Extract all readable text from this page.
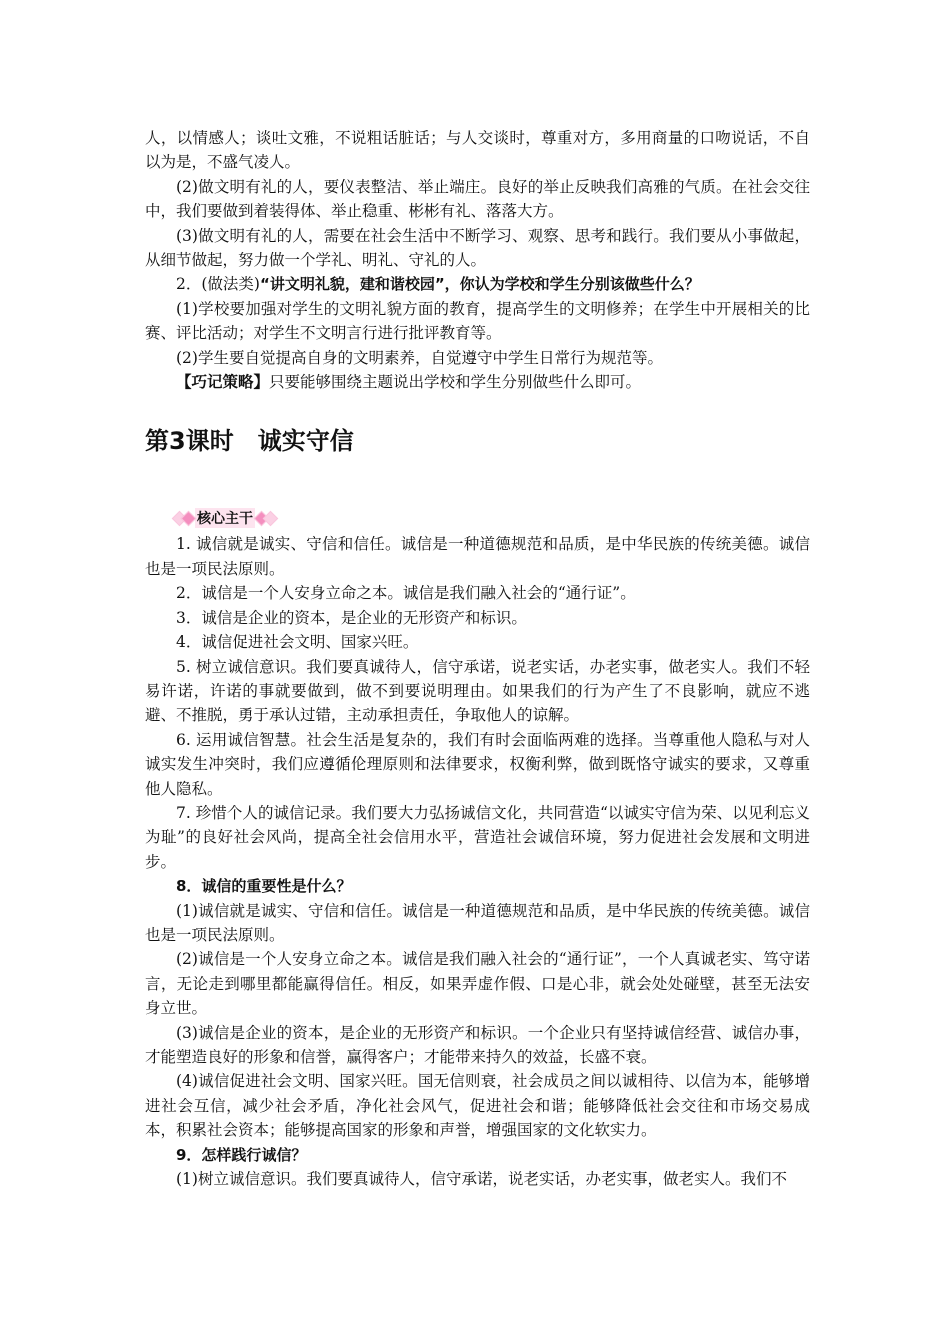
人，以情感人；谈吐文雅，不说粗话脏话；与人交谈时，尊重对方，多用商量的口吻说话，不自以为是，不盛气凌人。

(2)做文明有礼的人，要仪表整洁、举止端庄。良好的举止反映我们高雅的气质。在社会交往中，我们要做到着装得体、举止稳重、彬彬有礼、落落大方。

(3)做文明有礼的人，需要在社会生活中不断学习、观察、思考和践行。我们要从小事做起，从细节做起，努力做一个学礼、明礼、守礼的人。

2．(做法类)“讲文明礼貌，建和谐校园”，你认为学校和学生分别该做些什么？

(1)学校要加强对学生的文明礼貌方面的教育，提高学生的文明修养；在学生中开展相关的比赛、评比活动；对学生不文明言行进行批评教育等。

(2)学生要自觉提高自身的文明素养，自觉遵守中学生日常行为规范等。

【巧记策略】只要能够围绕主题说出学校和学生分别做些什么即可。

第3课时 诚实守信
核心主干

1. 诚信就是诚实、守信和信任。诚信是一种道德规范和品质，是中华民族的传统美德。诚信也是一项民法原则。

2．诚信是一个人安身立命之本。诚信是我们融入社会的“通行证”。

3．诚信是企业的资本，是企业的无形资产和标识。

4．诚信促进社会文明、国家兴旺。

5. 树立诚信意识。我们要真诚待人，信守承诺，说老实话，办老实事，做老实人。我们不轻易许诺，许诺的事就要做到，做不到要说明理由。如果我们的行为产生了不良影响，就应不逃避、不推脱，勇于承认过错，主动承担责任，争取他人的谅解。

6. 运用诚信智慧。社会生活是复杂的，我们有时会面临两难的选择。当尊重他人隐私与对人诚实发生冲突时，我们应遵循伦理原则和法律要求，权衡利弊，做到既恪守诚实的要求，又尊重他人隐私。

7. 珍惜个人的诚信记录。我们要大力弘扬诚信文化，共同营造“以诚实守信为荣、以见利忘义为耻”的良好社会风尚，提高全社会信用水平，营造社会诚信环境，努力促进社会发展和文明进步。

8．诚信的重要性是什么？

(1)诚信就是诚实、守信和信任。诚信是一种道德规范和品质，是中华民族的传统美德。诚信也是一项民法原则。

(2)诚信是一个人安身立命之本。诚信是我们融入社会的“通行证”，一个人真诚老实、笃守诺言，无论走到哪里都能赢得信任。相反，如果弄虚作假、口是心非，就会处处碰壁，甚至无法安身立世。

(3)诚信是企业的资本，是企业的无形资产和标识。一个企业只有坚持诚信经营、诚信办事，才能塑造良好的形象和信誉，赢得客户；才能带来持久的效益，长盛不衰。

(4)诚信促进社会文明、国家兴旺。国无信则衰，社会成员之间以诚相待、以信为本，能够增进社会互信，减少社会矛盾，净化社会风气，促进社会和谐；能够降低社会交往和市场交易成本，积累社会资本；能够提高国家的形象和声誉，增强国家的文化软实力。

9．怎样践行诚信？

(1)树立诚信意识。我们要真诚待人，信守承诺，说老实话，办老实事，做老实人。我们不
